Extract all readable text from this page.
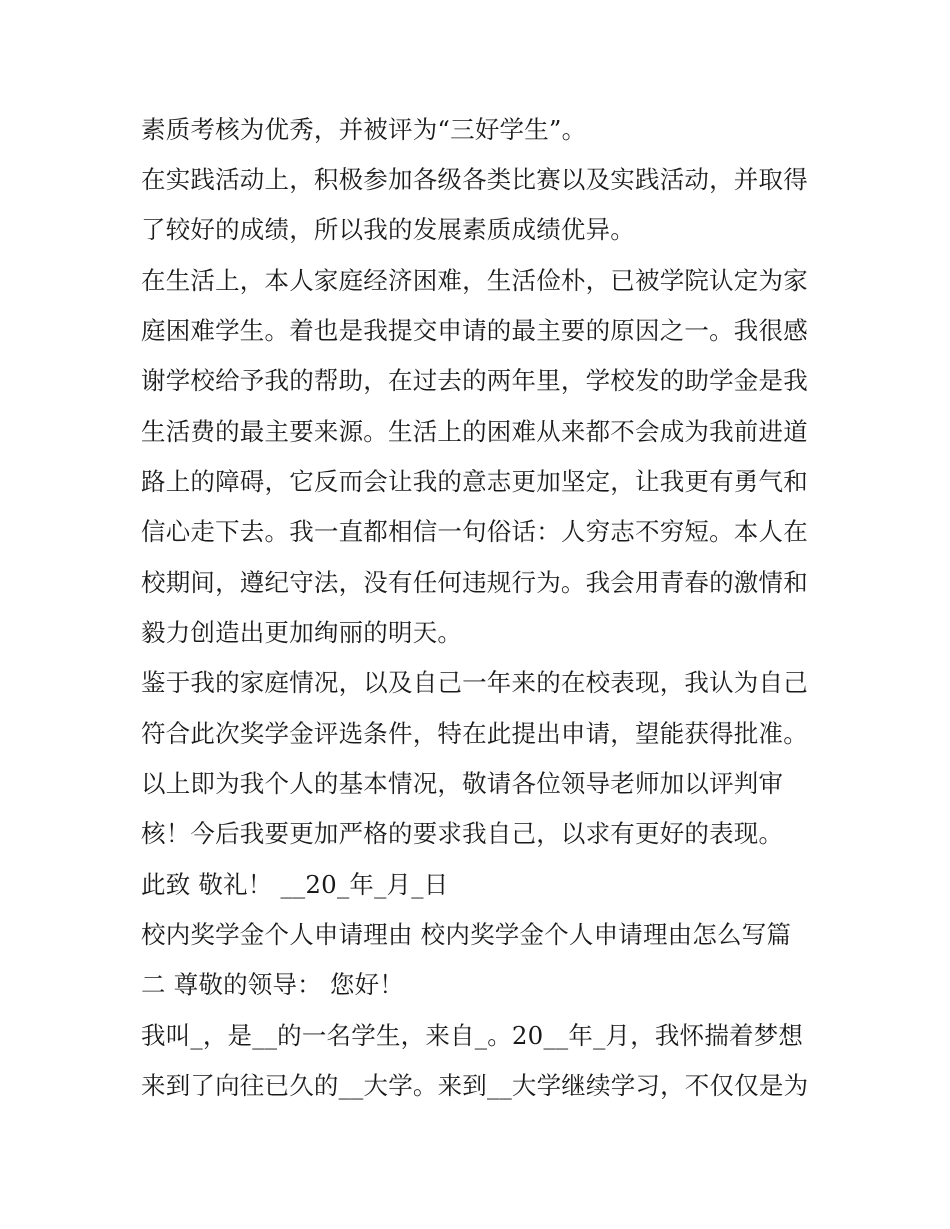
素质考核为优秀，并被评为“三好学生”。
在实践活动上，积极参加各级各类比赛以及实践活动，并取得
了较好的成绩，所以我的发展素质成绩优异。
在生活上，本人家庭经济困难，生活俭朴，已被学院认定为家
庭困难学生。着也是我提交申请的最主要的原因之一。我很感
谢学校给予我的帮助，在过去的两年里，学校发的助学金是我
生活费的最主要来源。生活上的困难从来都不会成为我前进道
路上的障碍，它反而会让我的意志更加坚定，让我更有勇气和
信心走下去。我一直都相信一句俗话：人穷志不穷短。本人在
校期间，遵纪守法，没有任何违规行为。我会用青春的激情和
毅力创造出更加绚丽的明天。
鉴于我的家庭情况，以及自己一年来的在校表现，我认为自己
符合此次奖学金评选条件，特在此提出申请，望能获得批准。
以上即为我个人的基本情况，敬请各位领导老师加以评判审
核！今后我要更加严格的要求我自己，以求有更好的表现。
此致 敬礼！ __20_年_月_日
校内奖学金个人申请理由 校内奖学金个人申请理由怎么写篇
二 尊敬的领导： 您好！
我叫_，是__的一名学生，来自_。20__年_月，我怀揣着梦想
来到了向往已久的__大学。来到__大学继续学习，不仅仅是为
